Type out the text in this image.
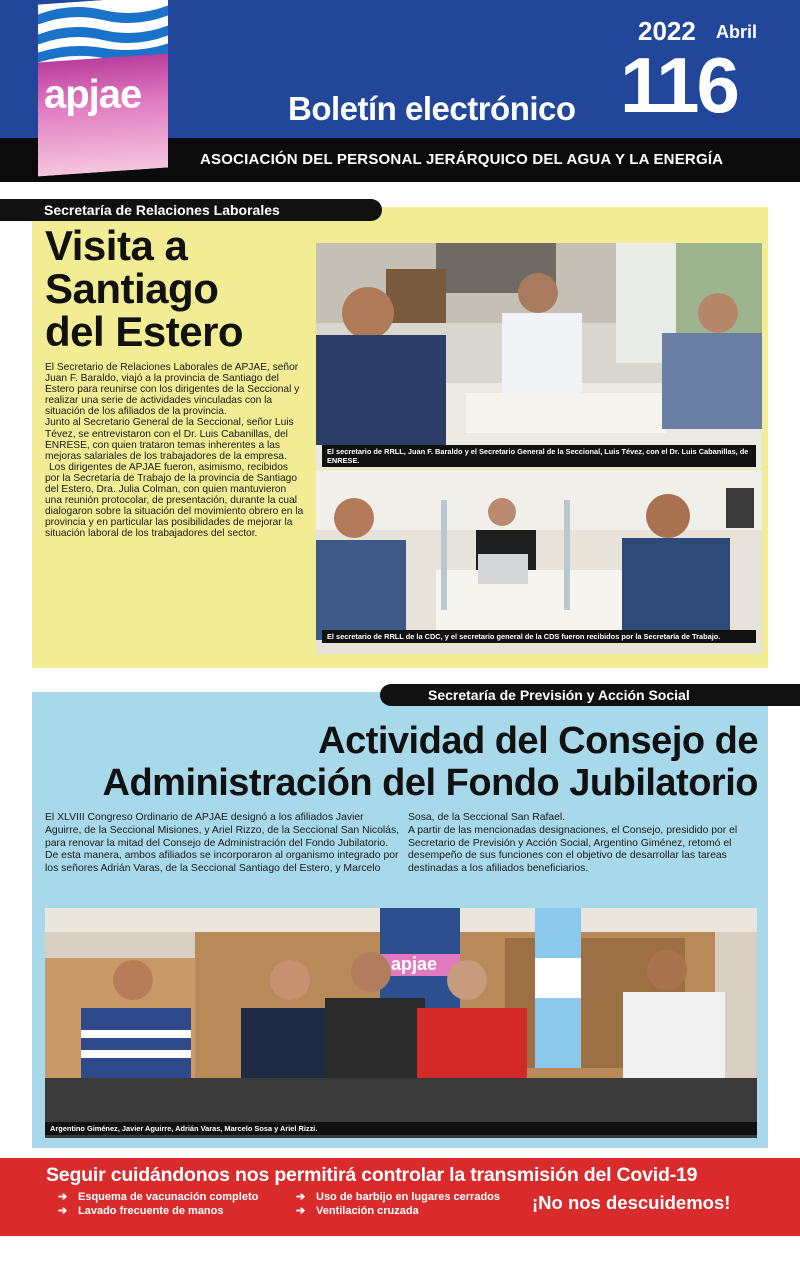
apjae
2022 Abril
Boletín electrónico 116
ASOCIACIÓN DEL PERSONAL JERÁRQUICO DEL AGUA Y LA ENERGÍA
Secretaría de Relaciones Laborales
Visita a
Santiago
del Estero

El Secretario de Relaciones Laborales de APJAE, señor Juan F. Baraldo, viajó a la provincia de Santiago del Estero para reunirse con los dirigentes de la Seccional y realizar una serie de actividades vinculadas con la situación de los afiliados de la provincia.

Junto al Secretario General de la Seccional, señor Luis Tévez, se entrevistaron con el Dr. Luis Cabanillas, del ENRESE, con quien trataron temas inherentes a las mejoras salariales de los trabajadores de la empresa.

Los dirigentes de APJAE fueron, asimismo, recibidos por la Secretaría de Trabajo de la provincia de Santiago del Estero, Dra. Julia Colman, con quien mantuvieron una reunión protocolar, de presentación, durante la cual dialogaron sobre la situación del movimiento obrero en la provincia y en particular las posibilidades de mejorar la situación laboral de los trabajadores del sector.

El secretario de RRLL, Juan F. Baraldo y el Secretario General de la Seccional, Luis Tévez, con el Dr. Luis Cabanillas, de ENRESE.
El secretario de RRLL de la CDC, y el secretario general de la CDS fueron recibidos por la Secretaría de Trabajo.
Secretaría de Previsión y Acción Social
Actividad del Consejo de
Administración del Fondo Jubilatorio

El XLVIII Congreso Ordinario de APJAE designó a los afiliados Javier Aguirre, de la Seccional Misiones, y Ariel Rizzo, de la Seccional San Nicolás, para renovar la mitad del Consejo de Administración del Fondo Jubilatorio. De esta manera, ambos afiliados se incorporaron al organismo integrado por los señores Adrián Varas, de la Seccional Santiago del Estero, y Marcelo

Sosa, de la Seccional San Rafael.

A partir de las mencionadas designaciones, el Consejo, presidido por el Secretario de Previsión y Acción Social, Argentino Giménez, retomó el desempeño de sus funciones con el objetivo de desarrollar las tareas destinadas a los afiliados beneficiarios.

apjae
Argentino Giménez, Javier Aguirre, Adrián Varas, Marcelo Sosa y Ariel Rizzi.
Seguir cuidándonos nos permitirá controlar la transmisión del Covid-19
➔ Esquema de vacunación completo
➔ Lavado frecuente de manos
➔ Uso de barbijo en lugares cerrados
➔ Ventilación cruzada	¡No nos descuidemos!
